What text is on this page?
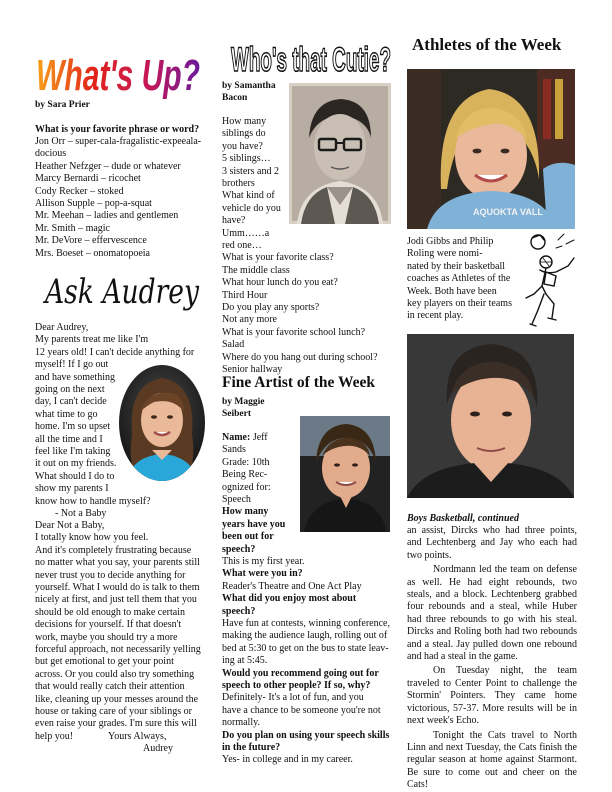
What's Up?
by Sara Prier
What is your favorite phrase or word?
Jon Orr – super-cala-fragalistic-expeeala-
docious
Heather Nefzger – dude or whatever
Marcy Bernardi – ricochet
Cody Recker – stoked
Allison Supple – pop-a-squat
Mr. Meehan – ladies and gentlemen
Mr. Smith – magic
Mr. DeVore – effervescence
Mrs. Boeset – onomatopoeia
Ask Audrey
Dear Audrey,
My parents treat me like I'm
12 years old! I can't decide anything for
myself! If I go out
and have something
going on the next
day, I can't decide
what time to go
home. I'm so upset
all the time and I
feel like I'm taking
it out on my friends.
What should I do to
show my parents I
know how to handle myself?
- Not a Baby
Dear Not a Baby,
I totally know how you feel.
And it's completely frustrating because
no matter what you say, your parents still
never trust you to decide anything for
yourself. What I would do is talk to them
nicely at first, and just tell them that you
should be old enough to make certain
decisions for yourself. If that doesn't
work, maybe you should try a more
forceful approach, not necessarily yelling
but get emotional to get your point
across. Or you could also try something
that would really catch their attention
like, cleaning up your messes around the
house or taking care of your siblings or
even raise your grades. I'm sure this will
help you!	Yours Always,
Audrey
Who's that Cutie?
by Samantha
Bacon
How many
siblings do
you have?
5 siblings…
3 sisters and 2
brothers
What kind of
vehicle do you
have?
Umm……a
red one…
What is your favorite class?
The middle class
What hour lunch do you eat?
Third Hour
Do you play any sports?
Not any more
What is your favorite school lunch?
Salad
Where do you hang out during school?
Senior hallway
Fine Artist of the Week
by Maggie
Seibert
Name: Jeff
Sands
Grade: 10th
Being Rec-
ognized for:
Speech
How many
years have you
been out for
speech?
This is my first year.
What were you in?
Reader's Theatre and One Act Play
What did you enjoy most about
speech?
Have fun at contests, winning conference,
making the audience laugh, rolling out of
bed at 5:30 to get on the bus to state leav-
ing at 5:45.
Would you recommend going out for
speech to other people? If so, why?
Definitely- It's a lot of fun, and you
have a chance to be someone you're not
normally.
Do you plan on using your speech skills
in the future?
Yes- in college and in my career.
Athletes of the Week
AQUOKTA VALL
Jodi Gibbs and Philip
Roling were nomi-
nated by their basketball
coaches as Athletes of the
Week. Both have been
key players on their teams
in recent play.
Boys Basketball, continued

an assist, Dircks who had three points, and Lechtenberg and Jay who each had two points.

Nordmann led the team on defense as well. He had eight rebounds, two steals, and a block. Lechtenberg grabbed four rebounds and a steal, while Huber had three rebounds to go with his steal. Dircks and Roling both had two rebounds and a steal. Jay pulled down one rebound and had a steal in the game.

On Tuesday night, the team traveled to Center Point to challenge the Stormin' Pointers. They came home victorious, 57-37. More results will be in next week's Echo.

Tonight the Cats travel to North Linn and next Tuesday, the Cats finish the regular season at home against Starmont. Be sure to come out and cheer on the Cats!
